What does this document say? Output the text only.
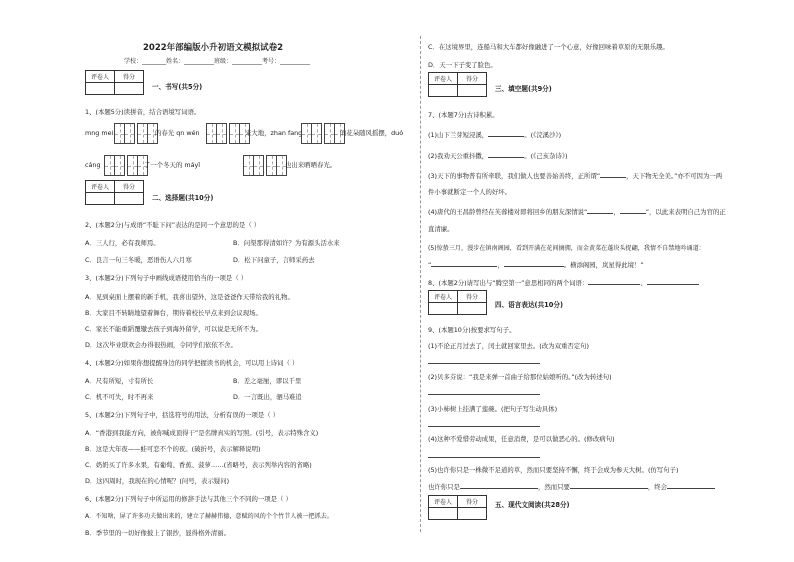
2022年部编版小升初语文模拟试卷2
学校：________姓名：__________班级：__________考号：__________
评卷人	得分

一、书写(共5分)
1、(本题5分)读拼音，结合语境写词语。
mng mei	的春光 qn wén	来大地，zhan fang	的花朵随风摇摆，duó
cáng	了一个冬天的 máyǐ	也出来晒晒春光。
评卷人	得分

二、选择题(共10分)
2、(本题2分)与成语“不耻下问”表达的是同一个意思的是（ ）
A．三人行，必有我师焉。	B．问渠那得清如许？为有源头活水来
C．良言一句三冬暖，恶语伤人六月寒	D．松下问童子，言师采药去
3、(本题2分)下列句子中画线成语使用恰当的一项是（ ）
A．见到桌面上摆着的新手机，我喜出望外，这是爸爸作天带给我的礼物。
B．大家目不转睛地望着舞台，期待着校长早点来到会议现场。
C．家长不能重蹈覆辙去孩子到海外留学，可以说是无所不为。
D．这次毕业联欢会办得很热闹，令同学们依依不舍。
4、(本题2分)如果你想提醒身边的同学把握读书的机会，可以用上诗词（ ）
A．尺有所短，寸有所长	B．差之毫厘，谬以千里
C．机不可失，时不再来	D．一言既出，驷马难追
5、(本题2分)下列句子中，括选符号的用法，分析有误的一项是（ ）
A．“香港到我能方向，被你喊成顶得干”是名牌真实的写照。(引号，表示特殊含义)
B．这是大年夜——蛙可恋不个的夜。(破折号，表示解释说明)
C．奶奶买了许多水果，有葡萄、香蕉、菠萝……(省略号，表示列举内容的省略)
D．这四周时，我现在的心情呢？(问号，表示疑问)
6、(本题2分)下列句子中所运用的修辞手法与其他三个不同的一项是（ ）
A．不知啥，屏了许多功夫做出来的，建立了赫赫伟德，意赋的风的个个竹节人被一把抓去。
B．季节里的一切好像披上了银抄，显得格外清丽。
C．在这境界里，连船马和大车都好像融进了一个心意，好像回味着草原的无限乐趣。
D．天一下子变了脸色。
评卷人	得分

三、填空题(共9分)
7、(本题7分)古诗积累。
(1)山下兰芽短浸溪，	。(《浣溪沙》)
(2)我劝天公重抖擞，	。(《己亥杂诗》)
(3)天下的事物普有所牵联，我们做人也要善始善终，正所谓“	，天下物无全美。”亦不可因为一两
件小事就断定一个人的好坏。
(4)唐代的王昌龄曾经在芙蓉楼对即将回乡的朋友深情说“	，	”，以此来表明自己为官的正
直清廉。
(5)惊蛰三月，漫步在镇南阁园，看到开满在花间摘拥，而金黄菜在蓬块头捉翩，我情不自禁地吟诵道：
“	，	。横添阁园，岚星得此境！”
8、(本题2分)请写出与“腾空第一”意思相同的两个词语：	、
评卷人	得分

四、语言表达(共10分)
9、(本题10分)按要求写句子。
(1)不论正月过去了，闰土就回家里去。(改为双重否定句)
(2)贝多芬说：“我是来弹一首曲子给那位姑娘听的。”(改为转述句)
(3)小柿树上挂满了莲碗。(把句子写生动具体)
(4)这种不爱惜劳动成果，任意消费，是可以做恶心的。(修改病句)
(5)也许你只是一株微不足道的草，然而只要坚持不懈，终于会成为参天大树。(仿写句子)
也许你只是	，然而只要	，终会
评卷人	得分
		五、现代文阅读(共28分)
